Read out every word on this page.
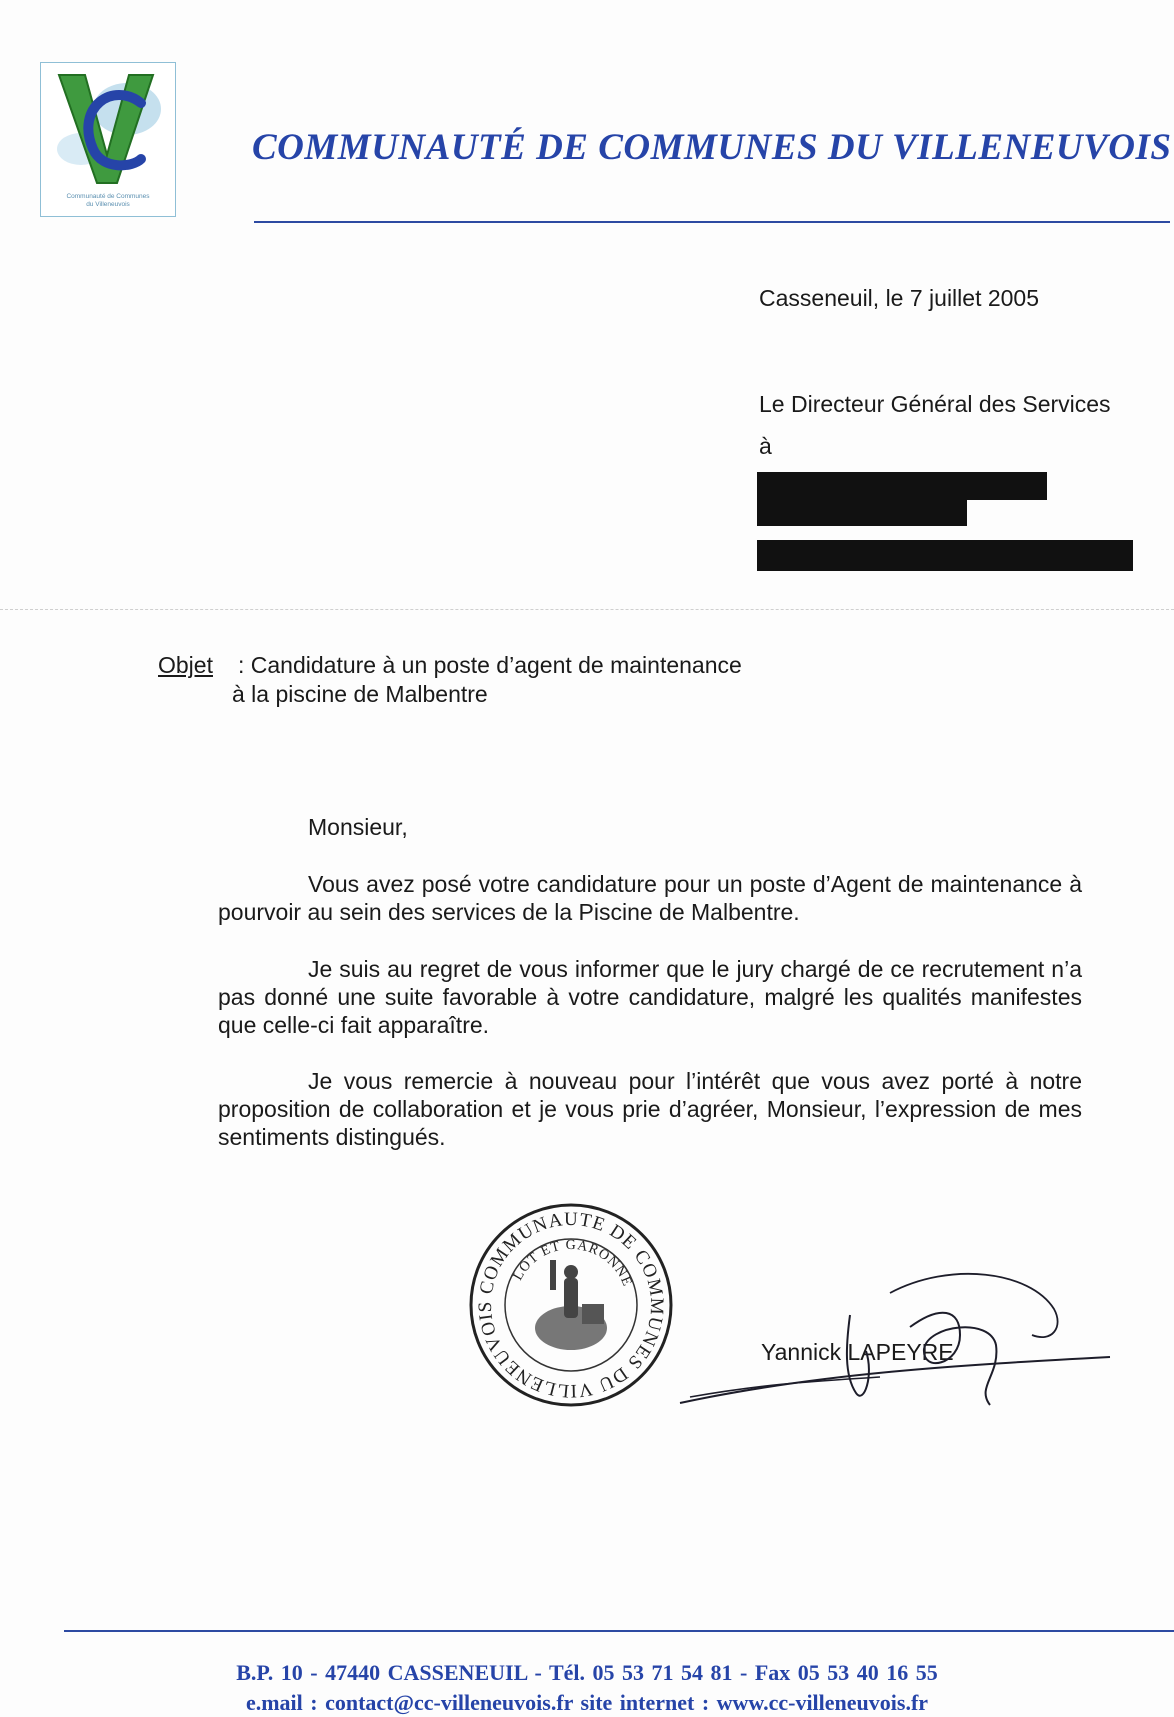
Communauté de Communes
du Villeneuvois
COMMUNAUTÉ DE COMMUNES DU VILLENEUVOIS
Casseneuil, le 7 juillet 2005
Le Directeur Général des Services
à
Objet : Candidature à un poste d’agent de maintenance
à la piscine de Malbentre
Monsieur,
Vous avez posé votre candidature pour un poste d’Agent de maintenance à pourvoir au sein des services de la Piscine de Malbentre.
Je suis au regret de vous informer que le jury chargé de ce recrutement n’a pas donné une suite favorable à votre candidature, malgré les qualités manifestes que celle-ci fait apparaître.
Je vous remercie à nouveau pour l’intérêt que vous avez porté à notre proposition de collaboration et je vous prie d’agréer, Monsieur, l’expression de mes sentiments distingués.
COMMUNAUTE DE COMMUNES DU VILLENEUVOIS
LOT ET GARONNE
Yannick LAPEYRE
B.P. 10 - 47440 CASSENEUIL - Tél. 05 53 71 54 81 - Fax 05 53 40 16 55
e.mail : contact@cc-villeneuvois.fr site internet : www.cc-villeneuvois.fr
